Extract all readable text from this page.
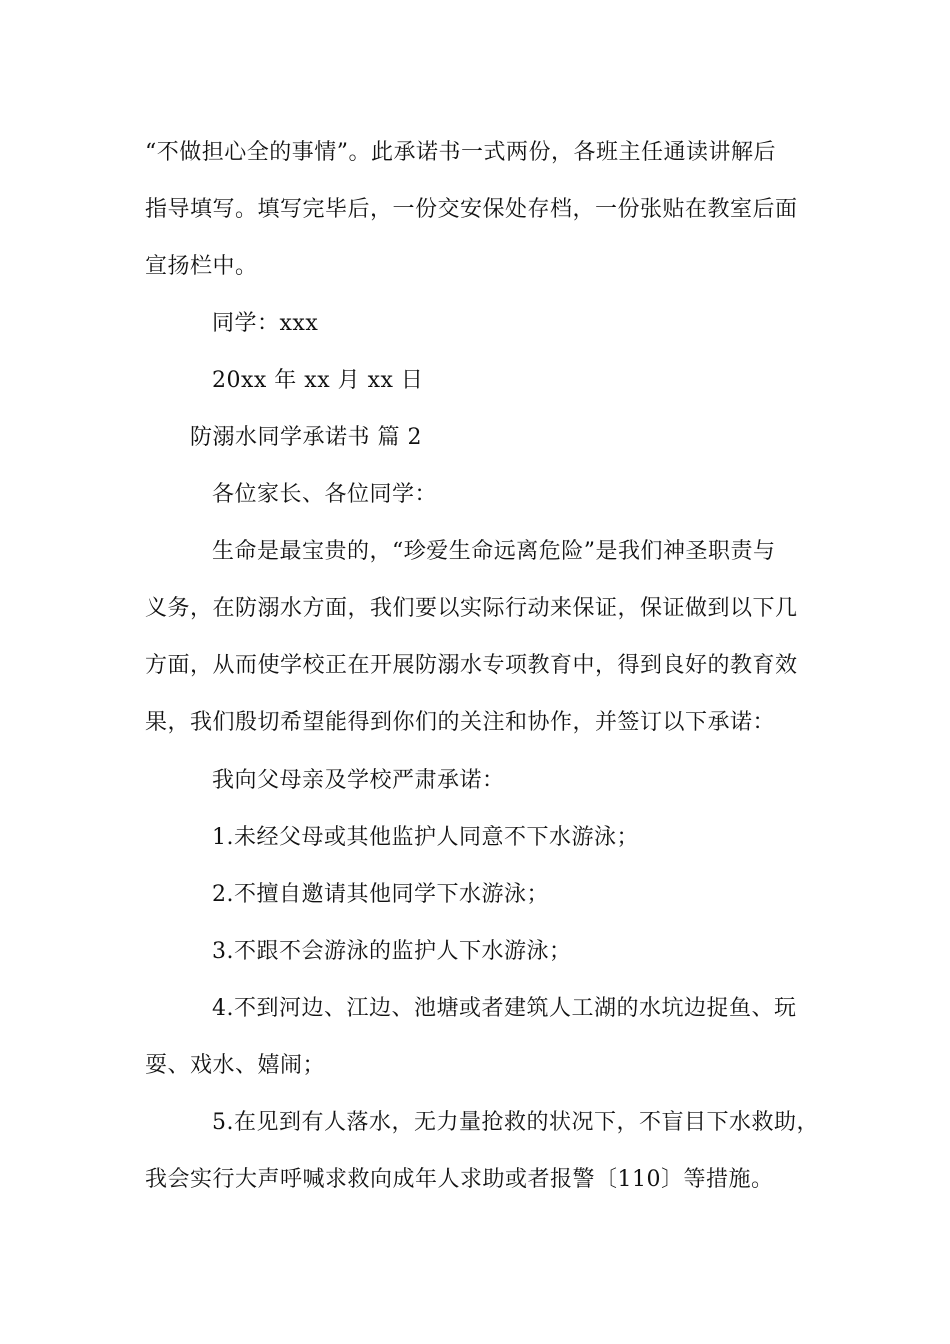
“不做担心全的事情”。此承诺书一式两份，各班主任通读讲解后
指导填写。填写完毕后，一份交安保处存档，一份张贴在教室后面
宣扬栏中。
同学：xxx
20xx 年 xx 月 xx 日
防溺水同学承诺书 篇 2
各位家长、各位同学：
生命是最宝贵的，“珍爱生命远离危险”是我们神圣职责与
义务，在防溺水方面，我们要以实际行动来保证，保证做到以下几
方面，从而使学校正在开展防溺水专项教育中，得到良好的教育效
果，我们殷切希望能得到你们的关注和协作，并签订以下承诺：
我向父母亲及学校严肃承诺：
1.未经父母或其他监护人同意不下水游泳；
2.不擅自邀请其他同学下水游泳；
3.不跟不会游泳的监护人下水游泳；
4.不到河边、江边、池塘或者建筑人工湖的水坑边捉鱼、玩
耍、戏水、嬉闹；
5.在见到有人落水，无力量抢救的状况下，不盲目下水救助，
我会实行大声呼喊求救向成年人求助或者报警〔110〕等措施。
